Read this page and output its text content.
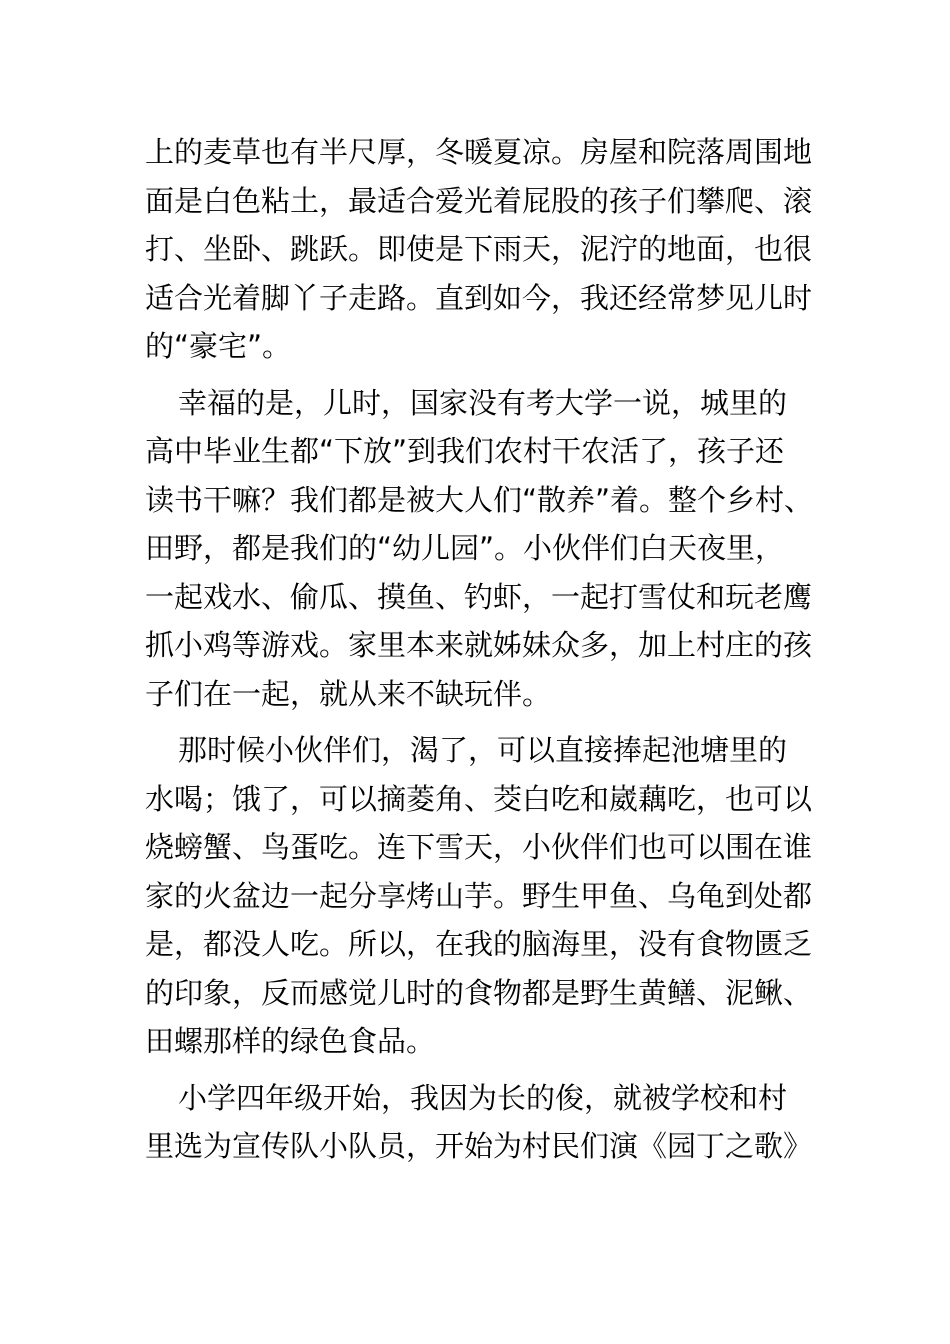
上的麦草也有半尺厚，冬暖夏凉。房屋和院落周围地
面是白色粘土，最适合爱光着屁股的孩子们攀爬、滚
打、坐卧、跳跃。即使是下雨天，泥泞的地面，也很
适合光着脚丫子走路。直到如今，我还经常梦见儿时
的“豪宅”。
幸福的是，儿时，国家没有考大学一说，城里的
高中毕业生都“下放”到我们农村干农活了，孩子还
读书干嘛？我们都是被大人们“散养”着。整个乡村、
田野，都是我们的“幼儿园”。小伙伴们白天夜里，
一起戏水、偷瓜、摸鱼、钓虾，一起打雪仗和玩老鹰
抓小鸡等游戏。家里本来就姊妹众多，加上村庄的孩
子们在一起，就从来不缺玩伴。
那时候小伙伴们，渴了，可以直接捧起池塘里的
水喝；饿了，可以摘菱角、茭白吃和崴藕吃，也可以
烧螃蟹、鸟蛋吃。连下雪天，小伙伴们也可以围在谁
家的火盆边一起分享烤山芋。野生甲鱼、乌龟到处都
是，都没人吃。所以，在我的脑海里，没有食物匮乏
的印象，反而感觉儿时的食物都是野生黄鳝、泥鳅、
田螺那样的绿色食品。
小学四年级开始，我因为长的俊，就被学校和村
里选为宣传队小队员，开始为村民们演《园丁之歌》
